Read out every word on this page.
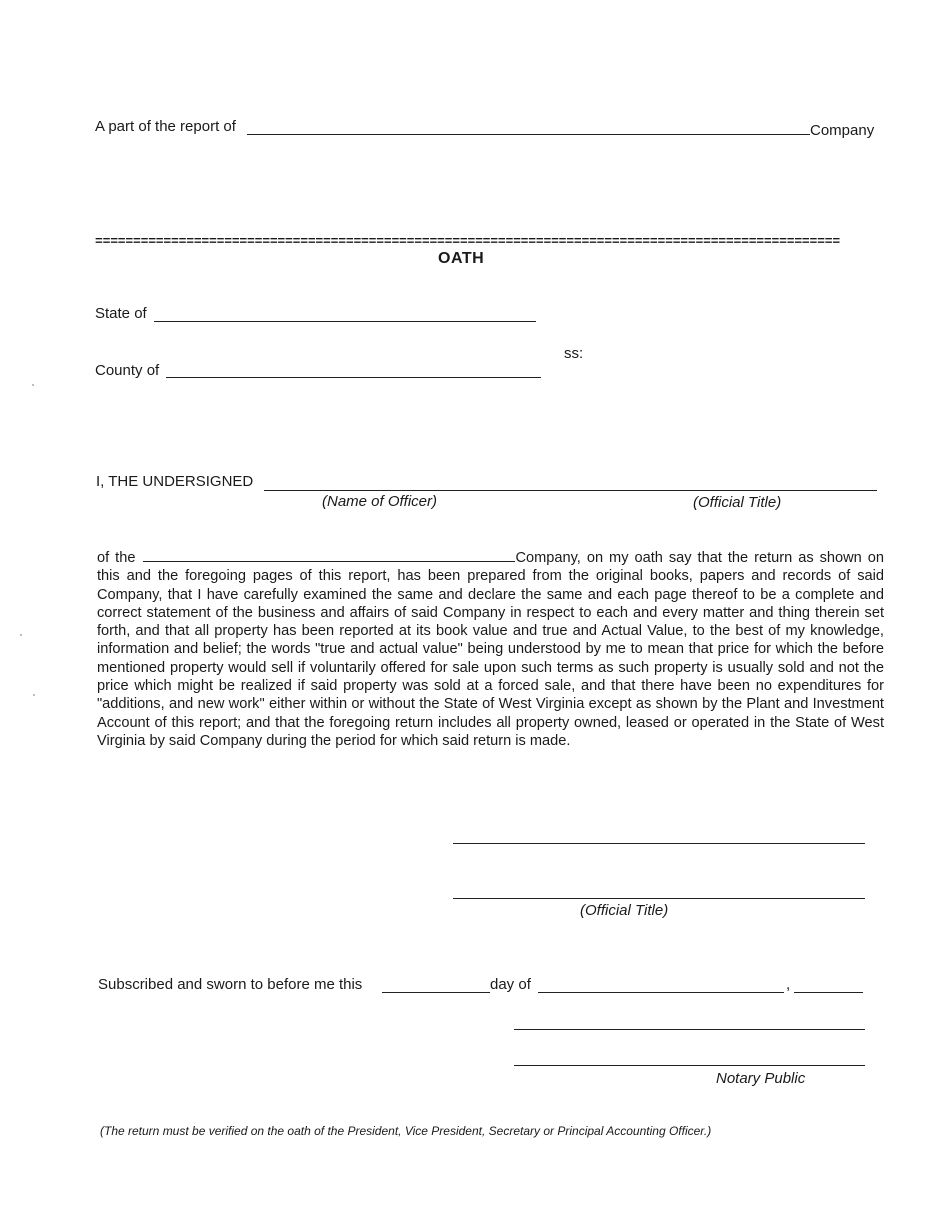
A part of the report of	Company
==================================================================================================
OATH
State of
ss:
County of
I, THE UNDERSIGNED
(Name of Officer)	(Official Title)
of the	Company, on my oath say that the return as shown on this and the foregoing pages of this report, has been prepared from the original books, papers and records of said Company, that I have carefully examined the same and declare the same and each page thereof to be a complete and correct statement of the business and affairs of said Company in respect to each and every matter and thing therein set forth, and that all property has been reported at its book value and true and Actual Value, to the best of my knowledge, information and belief; the words "true and actual value" being understood by me to mean that price for which the before mentioned property would sell if voluntarily offered for sale upon such terms as such property is usually sold and not the price which might be realized if said property was sold at a forced sale, and that there have been no expenditures for "additions, and new work" either within or without the State of West Virginia except as shown by the Plant and Investment Account of this report; and that the foregoing return includes all property owned, leased or operated in the State of West Virginia by said Company during the period for which said return is made.
(Official Title)
Subscribed and sworn to before me this	day of	,
Notary Public
(The return must be verified on the oath of the President, Vice President, Secretary or Principal Accounting Officer.)
